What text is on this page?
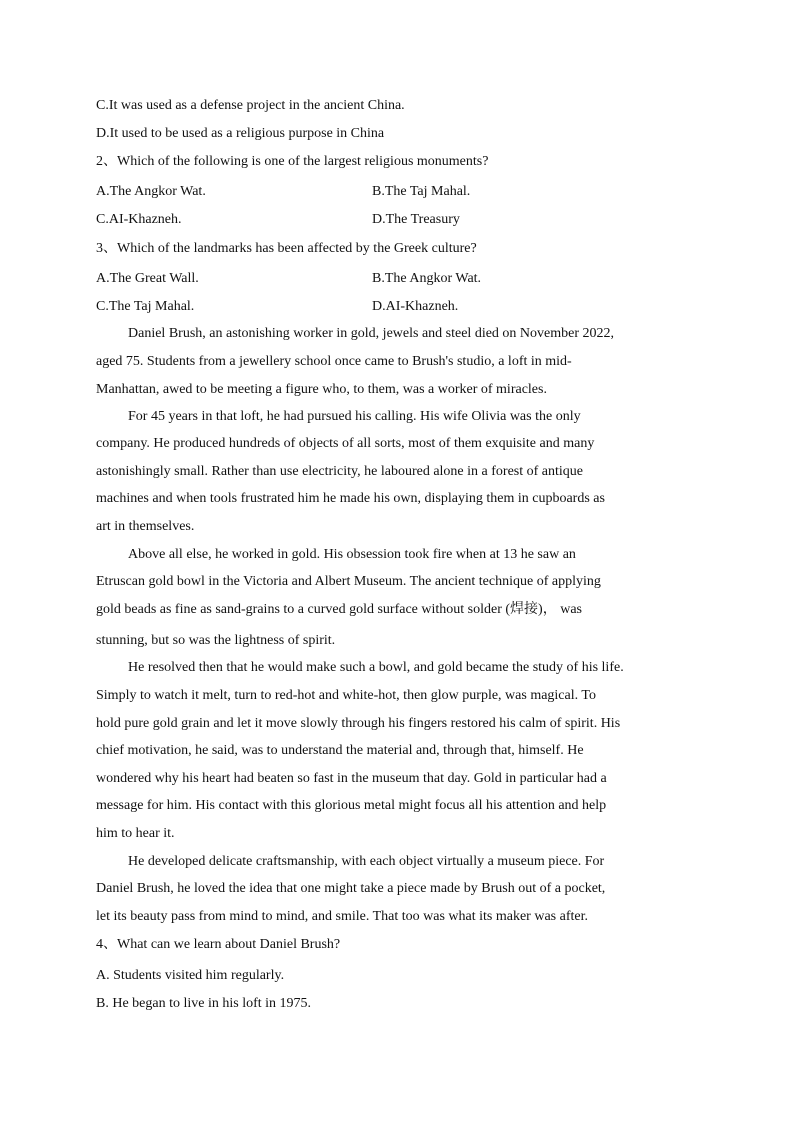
C.It was used as a defense project in the ancient China.
D.It used to be used as a religious purpose in China
2、Which of the following is one of the largest religious monuments?
A.The Angkor Wat.	B.The Taj Mahal.
C.AI-Khazneh.	D.The Treasury
3、Which of the landmarks has been affected by the Greek culture?
A.The Great Wall.	B.The Angkor Wat.
C.The Taj Mahal.	D.AI-Khazneh.
Daniel Brush, an astonishing worker in gold, jewels and steel died on November 2022,
aged 75. Students from a jewellery school once came to Brush's studio, a loft in mid-
Manhattan, awed to be meeting a figure who, to them, was a worker of miracles.
For 45 years in that loft, he had pursued his calling. His wife Olivia was the only
company. He produced hundreds of objects of all sorts, most of them exquisite and many
astonishingly small. Rather than use electricity, he laboured alone in a forest of antique
machines and when tools frustrated him he made his own, displaying them in cupboards as
art in themselves.
Above all else, he worked in gold. His obsession took fire when at 13 he saw an
Etruscan gold bowl in the Victoria and Albert Museum. The ancient technique of applying
gold beads as fine as sand-grains to a curved gold surface without solder (焊接)， was
stunning, but so was the lightness of spirit.
He resolved then that he would make such a bowl, and gold became the study of his life.
Simply to watch it melt, turn to red-hot and white-hot, then glow purple, was magical. To
hold pure gold grain and let it move slowly through his fingers restored his calm of spirit. His
chief motivation, he said, was to understand the material and, through that, himself. He
wondered why his heart had beaten so fast in the museum that day. Gold in particular had a
message for him. His contact with this glorious metal might focus all his attention and help
him to hear it.
He developed delicate craftsmanship, with each object virtually a museum piece. For
Daniel Brush, he loved the idea that one might take a piece made by Brush out of a pocket,
let its beauty pass from mind to mind, and smile. That too was what its maker was after.
4、What can we learn about Daniel Brush?
A. Students visited him regularly.
B. He began to live in his loft in 1975.
